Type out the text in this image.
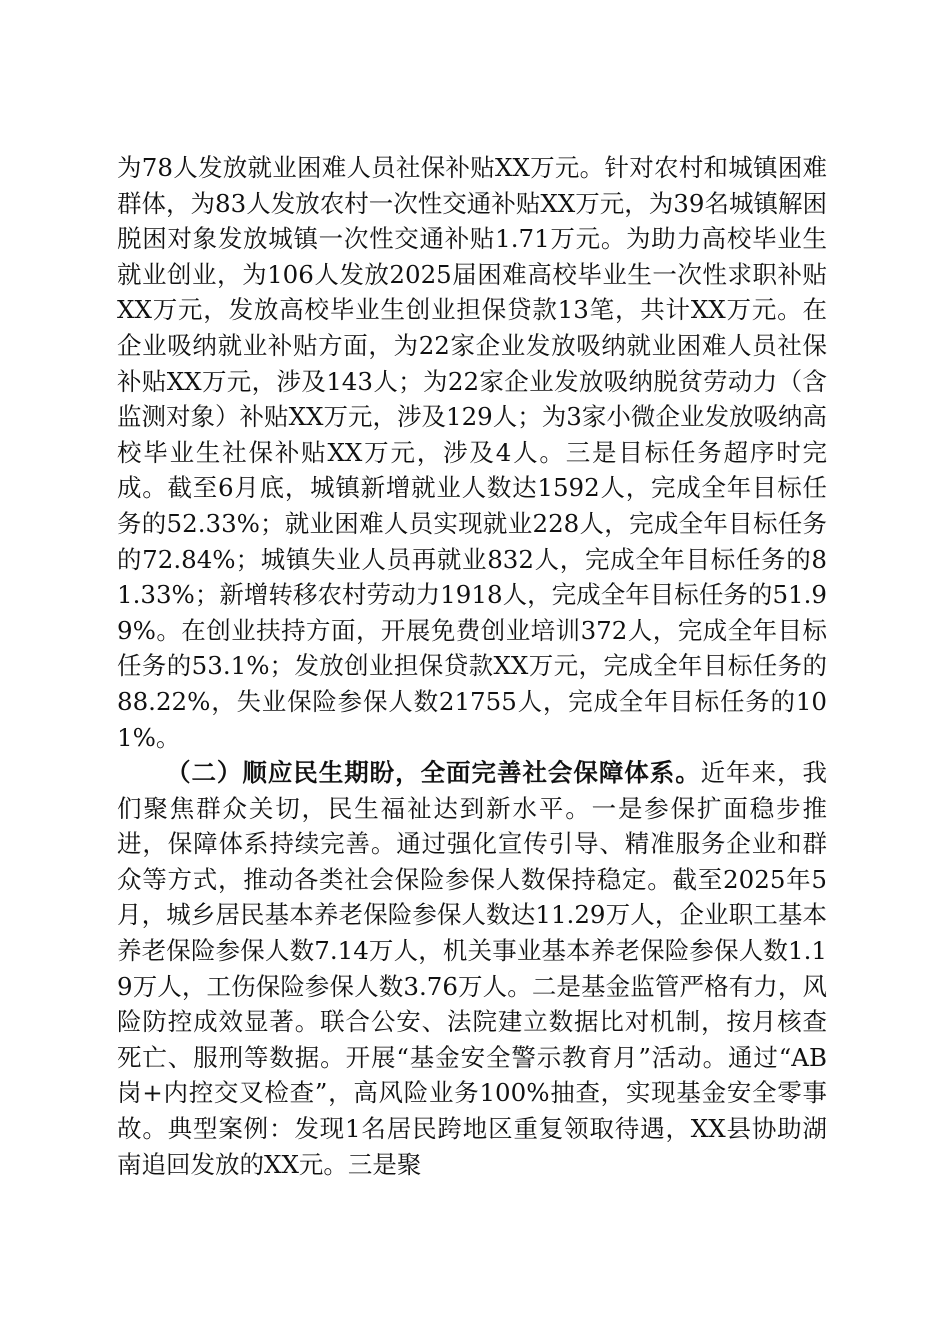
为78人发放就业困难人员社保补贴XX万元。针对农村和城镇困难群体，为83人发放农村一次性交通补贴XX万元，为39名城镇解困脱困对象发放城镇一次性交通补贴1.71万元。为助力高校毕业生就业创业，为106人发放2025届困难高校毕业生一次性求职补贴XX万元，发放高校毕业生创业担保贷款13笔，共计XX万元。在企业吸纳就业补贴方面，为22家企业发放吸纳就业困难人员社保补贴XX万元，涉及143人；为22家企业发放吸纳脱贫劳动力（含监测对象）补贴XX万元，涉及129人；为3家小微企业发放吸纳高校毕业生社保补贴XX万元，涉及4人。三是目标任务超序时完成。截至6月底，城镇新增就业人数达1592人，完成全年目标任务的52.33%；就业困难人员实现就业228人，完成全年目标任务的72.84%；城镇失业人员再就业832人，完成全年目标任务的81.33%；新增转移农村劳动力1918人，完成全年目标任务的51.99%。在创业扶持方面，开展免费创业培训372人，完成全年目标任务的53.1%；发放创业担保贷款XX万元，完成全年目标任务的88.22%，失业保险参保人数21755人，完成全年目标任务的101%。

（二）顺应民生期盼，全面完善社会保障体系。近年来，我们聚焦群众关切，民生福祉达到新水平。一是参保扩面稳步推进，保障体系持续完善。通过强化宣传引导、精准服务企业和群众等方式，推动各类社会保险参保人数保持稳定。截至2025年5月，城乡居民基本养老保险参保人数达11.29万人，企业职工基本养老保险参保人数7.14万人，机关事业基本养老保险参保人数1.19万人，工伤保险参保人数3.76万人。二是基金监管严格有力，风险防控成效显著。联合公安、法院建立数据比对机制，按月核查死亡、服刑等数据。开展“基金安全警示教育月”活动。通过“AB岗+内控交叉检查”，高风险业务100%抽查，实现基金安全零事故。典型案例：发现1名居民跨地区重复领取待遇，XX县协助湖南追回发放的XX元。三是聚
